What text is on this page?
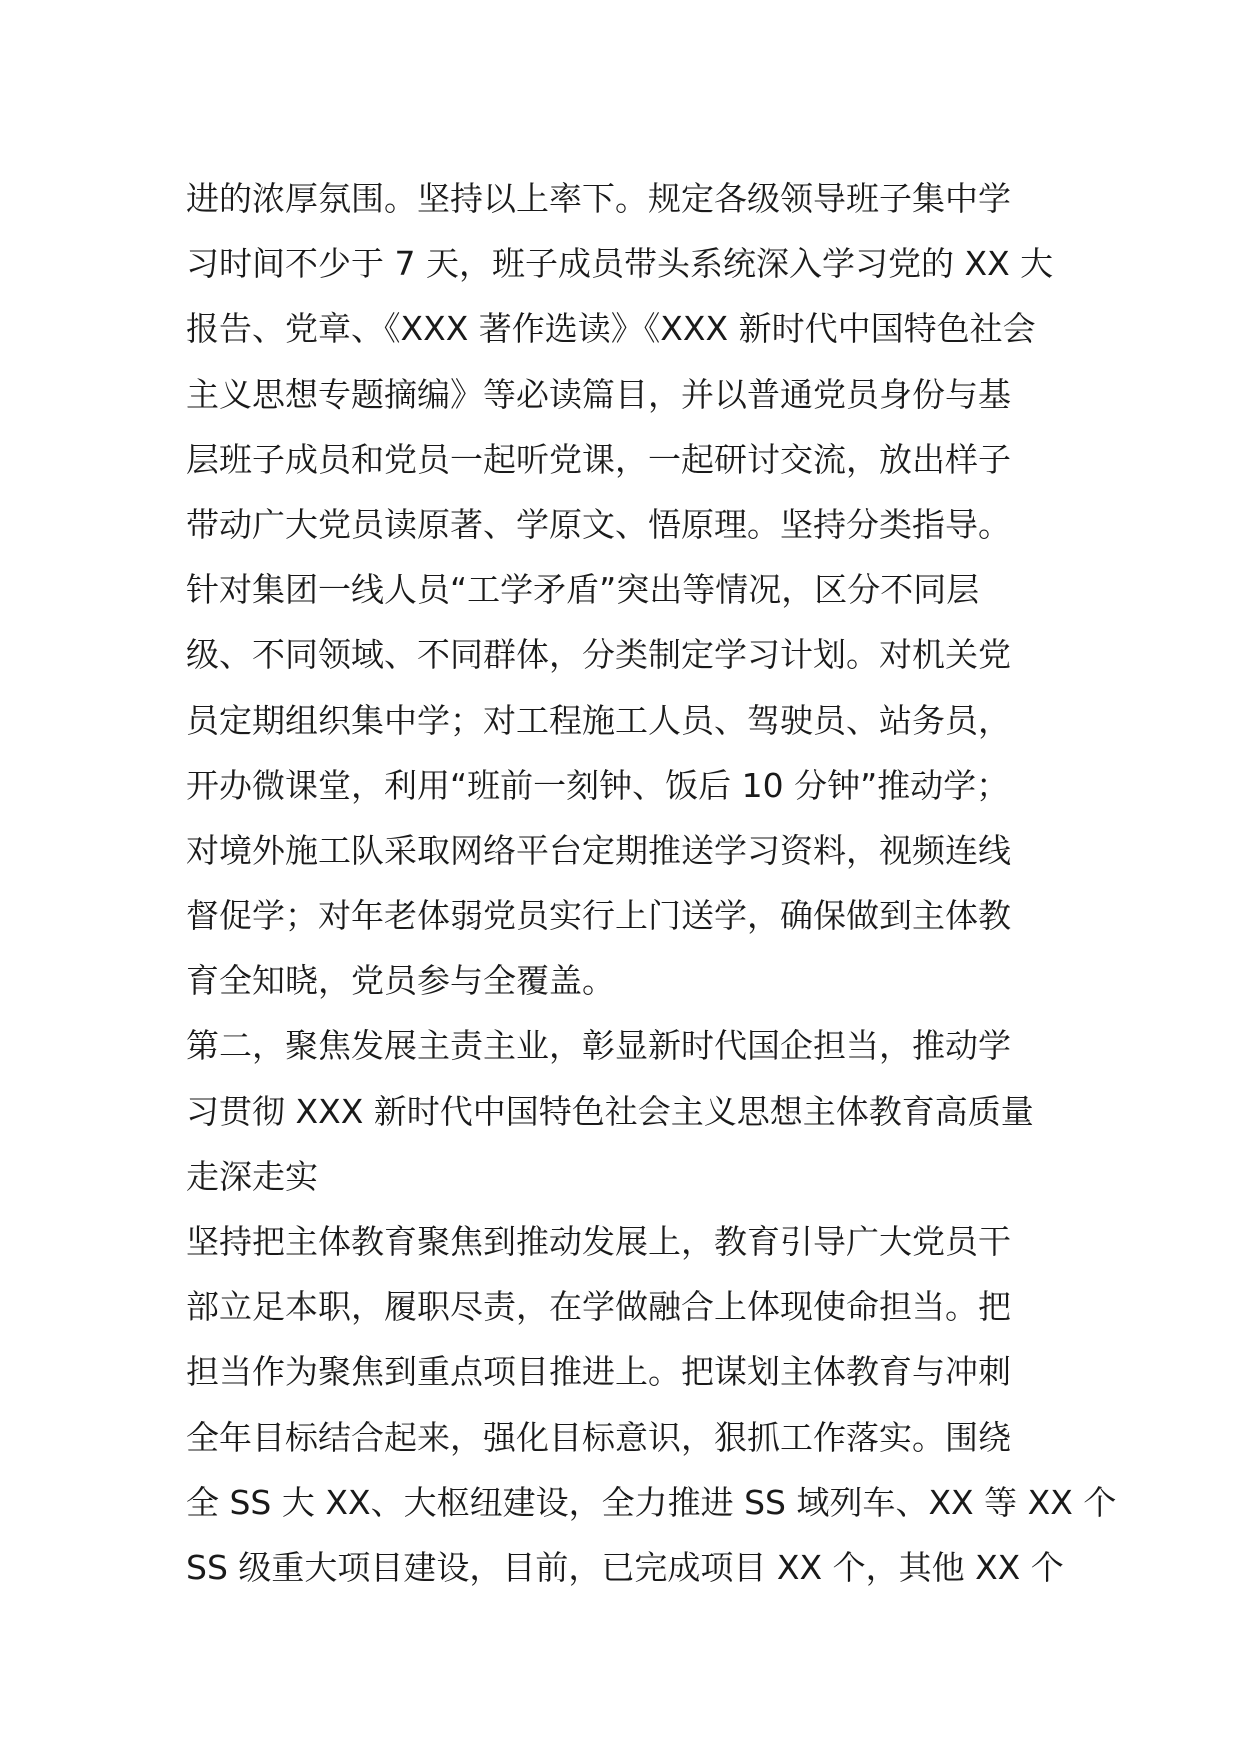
进的浓厚氛围。坚持以上率下。规定各级领导班子集中学
习时间不少于 7 天，班子成员带头系统深入学习党的 XX 大
报告、党章、《XXX 著作选读》《XXX 新时代中国特色社会
主义思想专题摘编》等必读篇目，并以普通党员身份与基
层班子成员和党员一起听党课，一起研讨交流，放出样子
带动广大党员读原著、学原文、悟原理。坚持分类指导。
针对集团一线人员“工学矛盾”突出等情况，区分不同层
级、不同领域、不同群体，分类制定学习计划。对机关党
员定期组织集中学；对工程施工人员、驾驶员、站务员，
开办微课堂，利用“班前一刻钟、饭后 10 分钟”推动学；
对境外施工队采取网络平台定期推送学习资料，视频连线
督促学；对年老体弱党员实行上门送学，确保做到主体教
育全知晓，党员参与全覆盖。
第二，聚焦发展主责主业，彰显新时代国企担当，推动学
习贯彻 XXX 新时代中国特色社会主义思想主体教育高质量
走深走实
坚持把主体教育聚焦到推动发展上，教育引导广大党员干
部立足本职，履职尽责，在学做融合上体现使命担当。把
担当作为聚焦到重点项目推进上。把谋划主体教育与冲刺
全年目标结合起来，强化目标意识，狠抓工作落实。围绕
全 SS 大 XX、大枢纽建设，全力推进 SS 域列车、XX 等 XX 个
SS 级重大项目建设，目前，已完成项目 XX 个，其他 XX 个
